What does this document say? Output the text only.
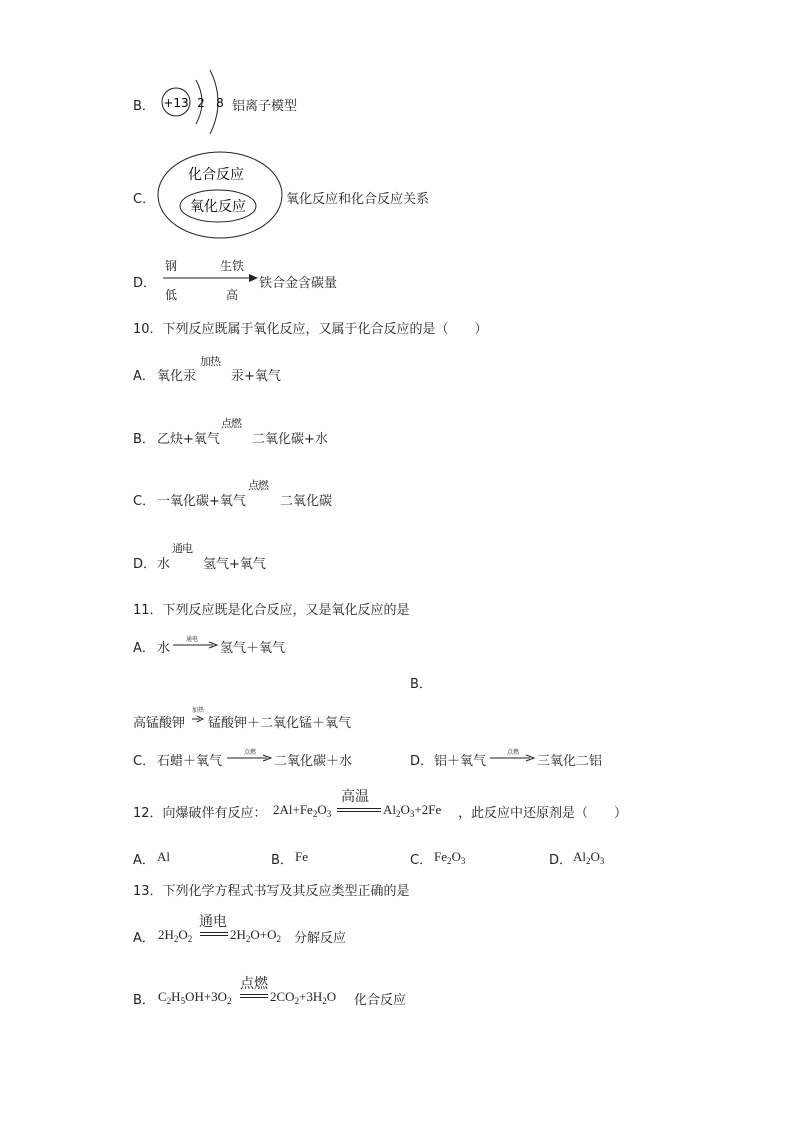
B． +13 2 8 铝离子模型
C．
化合反应
氧化反应	氧化反应和化合反应关系
D．
钢	生铁
低	高
铁合金含碳量
10．下列反应既属于氧化反应，又属于化合反应的是（　　）
A． 氧化汞
加热
汞+氧气
B． 乙炔+氧气
点燃
二氧化碳+水
C． 一氧化碳+氧气
点燃
二氧化碳
D． 水
通电
氢气+氧气
11．下列反应既是化合反应，又是氧化反应的是
A． 水
通电
→ 氢气＋氧气
B．
高锰酸钾
加热
→ 锰酸钾＋二氧化锰＋氧气
C． 石蜡＋氧气
点燃
→ 二氧化碳＋水	D． 铝＋氧气
点燃
→ 三氧化二铝
12．向爆破伴有反应： $2Al+Fe_2O_3$
高温
$Al_2O_3+2Fe$ ，此反应中还原剂是（　　）
A． Al	B． Fe	C． $Fe_2O_3$	D． $Al_2O_3$
13．下列化学方程式书写及其反应类型正确的是
A． $2H_2O_2$
通电
$2H_2O+O_2$ 分解反应
B． $C_2H_5OH+3O_2$
点燃
$2CO_2+3H_2O$ 化合反应
